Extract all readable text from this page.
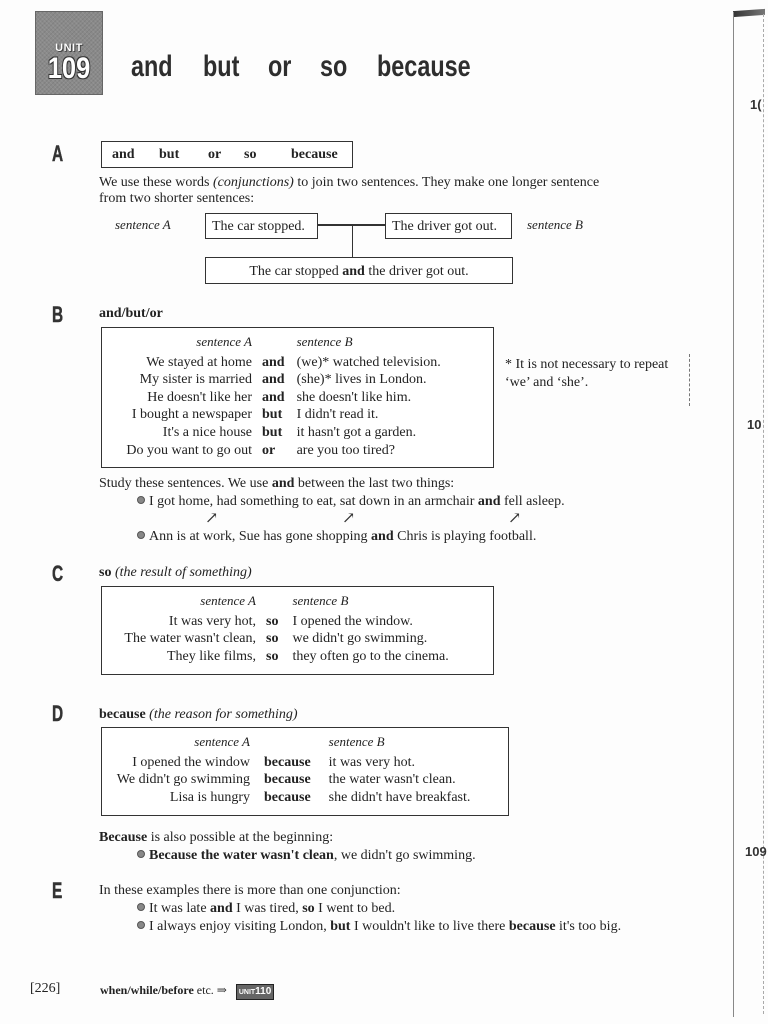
UNIT
109 and but or so because
A	and but or so because
We use these words (conjunctions) to join two sentences. They make one longer sentence
from two shorter sentences:
sentence A	The car stopped.	The driver got out.	sentence B
The car stopped and the driver got out.
B	and/but/or
sentence A		sentence B
We stayed at home	and	(we)* watched television.
My sister is married	and	(she)* lives in London.
He doesn't like her	and	she doesn't like him.
I bought a newspaper	but	I didn't read it.
It's a nice house	but	it hasn't got a garden.
Do you want to go out	or	are you too tired?
* It is not necessary to repeat
‘we’ and ‘she’.
Study these sentences. We use and between the last two things:
I got home, had something to eat, sat down in an armchair and fell asleep.
↗	↗	↗
Ann is at work, Sue has gone shopping and Chris is playing football.
C	so (the result of something)
sentence A		sentence B
It was very hot,	so	I opened the window.
The water wasn't clean,	so	we didn't go swimming.
They like films,	so	they often go to the cinema.
D	because (the reason for something)
sentence A		sentence B
I opened the window	because	it was very hot.
We didn't go swimming	because	the water wasn't clean.
Lisa is hungry	because	she didn't have breakfast.
Because is also possible at the beginning:
Because the water wasn't clean, we didn't go swimming.
E	In these examples there is more than one conjunction:
It was late and I was tired, so I went to bed.
I always enjoy visiting London, but I wouldn't like to live there because it's too big.
[226]	when/while/before etc. ⇒ UNIT110
1(
10
109
